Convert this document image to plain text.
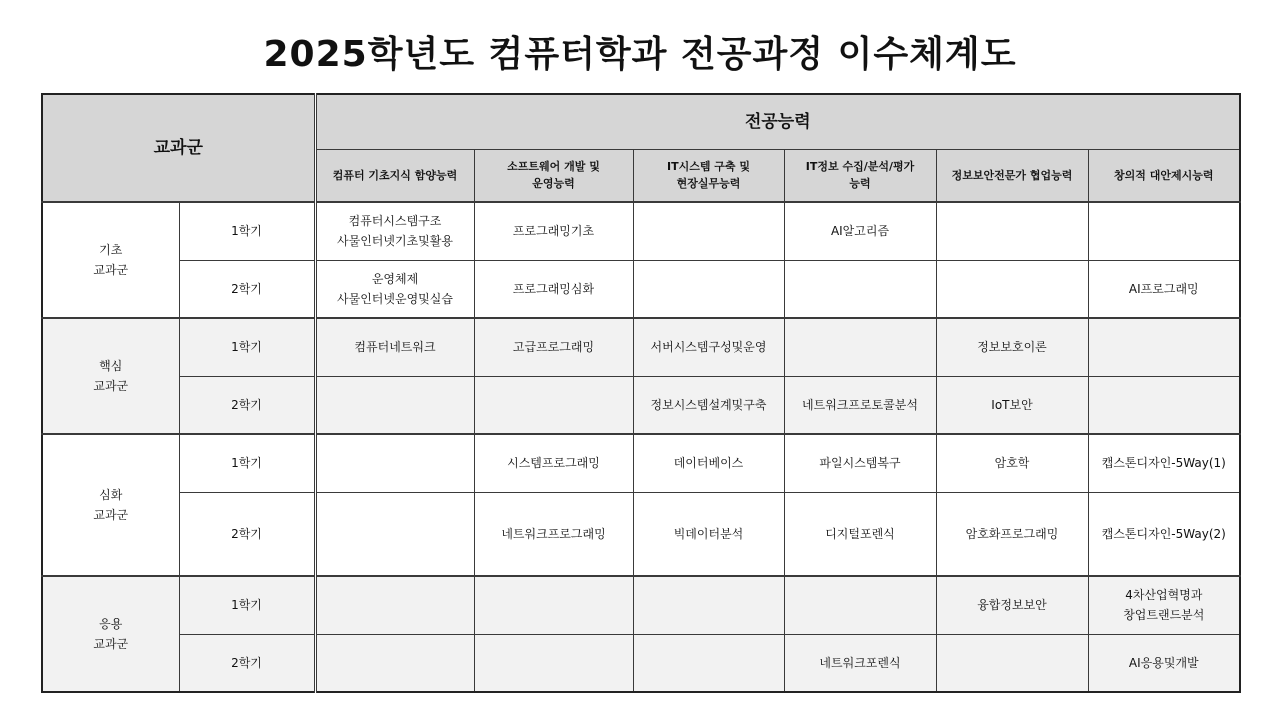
2025학년도 컴퓨터학과 전공과정 이수체계도
교과군		전공능력					

		컴퓨터 기초지식 함양능력	소프트웨어 개발 및
운영능력	IT시스템 구축 및
현장실무능력	IT정보 수집/분석/평가
능력	정보보안전문가 협업능력	창의적 대안제시능력

기초
교과군	1학기	컴퓨터시스템구조
사물인터넷기초및활용	프로그래밍기초		AI알고리즘		

	2학기	운영체제
사물인터넷운영및실습	프로그래밍심화				AI프로그래밍

핵심
교과군	1학기	컴퓨터네트워크	고급프로그래밍	서버시스템구성및운영		정보보호이론	

	2학기			정보시스템설계및구축	네트워크프로토콜분석	IoT보안	

심화
교과군	1학기		시스템프로그래밍	데이터베이스	파일시스템복구	암호학	캡스톤디자인-5Way(1)

	2학기		네트워크프로그래밍	빅데이터분석	디지털포렌식	암호화프로그래밍	캡스톤디자인-5Way(2)

응용
교과군	1학기					융합정보보안	4차산업혁명과
창업트랜드분석

	2학기				네트워크포렌식		AI응용및개발
